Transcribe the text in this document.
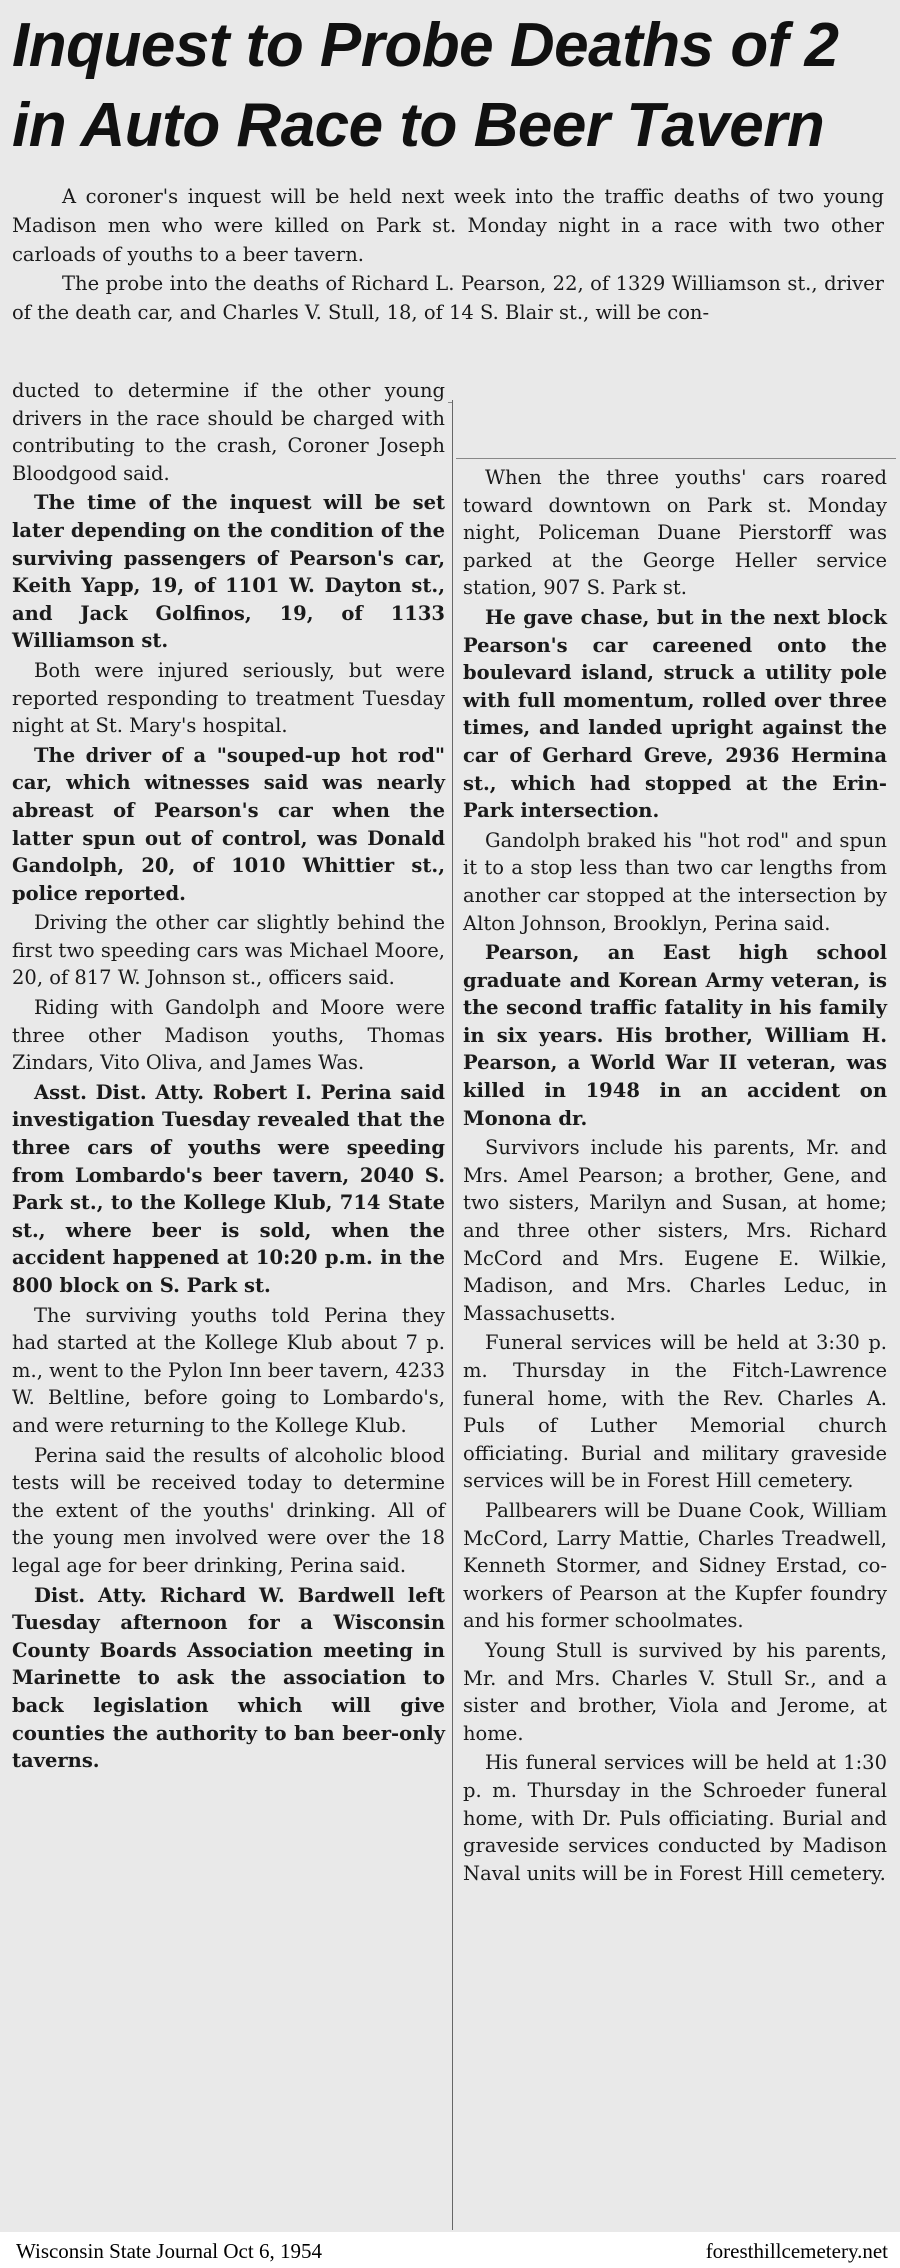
Inquest to Probe Deaths of 2
in Auto Race to Beer Tavern

A coroner's inquest will be held next week into the traffic deaths of two young Madison men who were killed on Park st. Monday night in a race with two other carloads of youths to a beer tavern.

The probe into the deaths of Richard L. Pearson, 22, of 1329 Williamson st., driver of the death car, and Charles V. Stull, 18, of 14 S. Blair st., will be con-

ducted to determine if the other young drivers in the race should be charged with contributing to the crash, Coroner Joseph Bloodgood said.

The time of the inquest will be set later depending on the condition of the surviving passengers of Pearson's car, Keith Yapp, 19, of 1101 W. Dayton st., and Jack Golfinos, 19, of 1133 Williamson st.

Both were injured seriously, but were reported responding to treatment Tuesday night at St. Mary's hospital.

The driver of a "souped-up hot rod" car, which witnesses said was nearly abreast of Pearson's car when the latter spun out of control, was Donald Gandolph, 20, of 1010 Whittier st., police reported.

Driving the other car slightly behind the first two speeding cars was Michael Moore, 20, of 817 W. Johnson st., officers said.

Riding with Gandolph and Moore were three other Madison youths, Thomas Zindars, Vito Oliva, and James Was.

Asst. Dist. Atty. Robert I. Perina said investigation Tuesday revealed that the three cars of youths were speeding from Lombardo's beer tavern, 2040 S. Park st., to the Kollege Klub, 714 State st., where beer is sold, when the accident happened at 10:20 p.m. in the 800 block on S. Park st.

The surviving youths told Perina they had started at the Kollege Klub about 7 p. m., went to the Pylon Inn beer tavern, 4233 W. Beltline, before going to Lombardo's, and were returning to the Kollege Klub.

Perina said the results of alcoholic blood tests will be received today to determine the extent of the youths' drinking. All of the young men involved were over the 18 legal age for beer drinking, Perina said.

Dist. Atty. Richard W. Bardwell left Tuesday afternoon for a Wisconsin County Boards Association meeting in Marinette to ask the association to back legislation which will give counties the authority to ban beer-only taverns.

When the three youths' cars roared toward downtown on Park st. Monday night, Policeman Duane Pierstorff was parked at the George Heller service station, 907 S. Park st.

He gave chase, but in the next block Pearson's car careened onto the boulevard island, struck a utility pole with full momentum, rolled over three times, and landed upright against the car of Gerhard Greve, 2936 Hermina st., which had stopped at the Erin-Park intersection.

Gandolph braked his "hot rod" and spun it to a stop less than two car lengths from another car stopped at the intersection by Alton Johnson, Brooklyn, Perina said.

Pearson, an East high school graduate and Korean Army veteran, is the second traffic fatality in his family in six years. His brother, William H. Pearson, a World War II veteran, was killed in 1948 in an accident on Monona dr.

Survivors include his parents, Mr. and Mrs. Amel Pearson; a brother, Gene, and two sisters, Marilyn and Susan, at home; and three other sisters, Mrs. Richard McCord and Mrs. Eugene E. Wilkie, Madison, and Mrs. Charles Leduc, in Massachusetts.

Funeral services will be held at 3:30 p. m. Thursday in the Fitch-Lawrence funeral home, with the Rev. Charles A. Puls of Luther Memorial church officiating. Burial and military graveside services will be in Forest Hill cemetery.

Pallbearers will be Duane Cook, William McCord, Larry Mattie, Charles Treadwell, Kenneth Stormer, and Sidney Erstad, co-workers of Pearson at the Kupfer foundry and his former schoolmates.

Young Stull is survived by his parents, Mr. and Mrs. Charles V. Stull Sr., and a sister and brother, Viola and Jerome, at home.

His funeral services will be held at 1:30 p. m. Thursday in the Schroeder funeral home, with Dr. Puls officiating. Burial and graveside services conducted by Madison Naval units will be in Forest Hill cemetery.

Wisconsin State Journal Oct 6, 1954	foresthillcemetery.net
